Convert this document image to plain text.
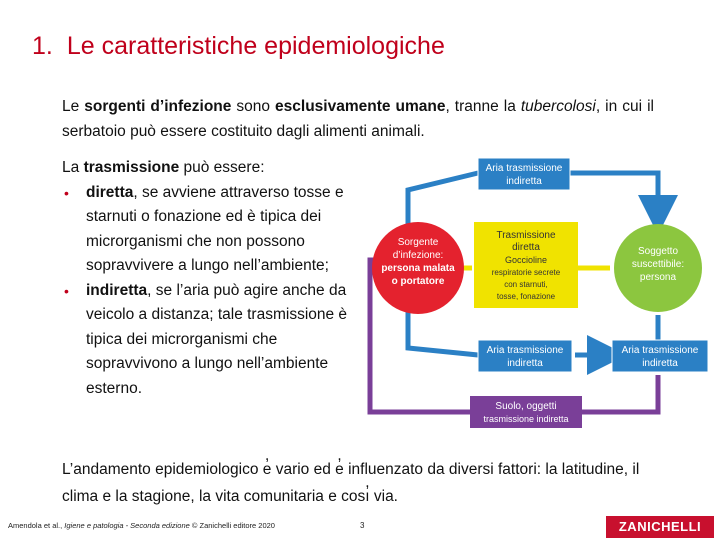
1. Le caratteristiche epidemiologiche
Le sorgenti d’infezione sono esclusivamente umane, tranne la tubercolosi, in cui il serbatoio può essere costituito dagli alimenti animali.
La trasmissione può essere:
• diretta, se avviene attraverso tosse e starnuti o fonazione ed è tipica dei microrganismi che non possono sopravvivere a lungo nell’ambiente;
• indiretta, se l’aria può agire anche da veicolo a distanza; tale trasmissione è tipica dei microrganismi che sopravvivono a lungo nell’ambiente esterno.
Aria trasmissione
indiretta
Sorgente
d’infezione:
persona malata
o portatore
Trasmissione
diretta
Goccioline
respiratorie secrete
con starnuti,
tosse, fonazione
Soggetto
suscettibile:
persona
Aria trasmissione
indiretta
Aria trasmissione
indiretta
Suolo, oggetti
trasmissione indiretta
L’andamento epidemiologico e̓ vario ed e̓ influenzato da diversi fattori: la latitudine, il clima e la stagione, la vita comunitaria e cosı̓ via.
Amendola et al., Igiene e patologia - Seconda edizione © Zanichelli editore 2020	3	ZANICHELLI
